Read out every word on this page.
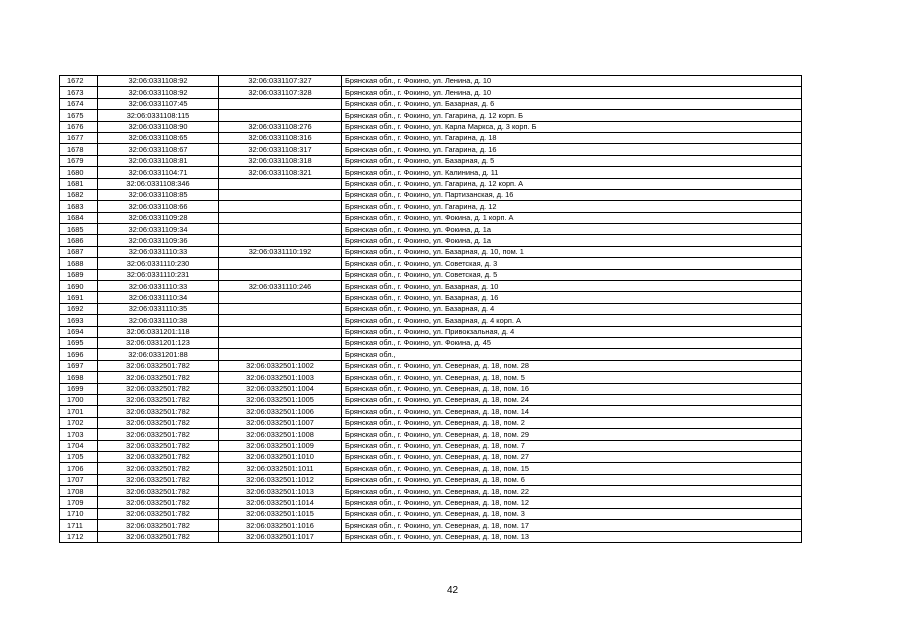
1672	32:06:0331108:92	32:06:0331107:327	Брянская обл., г. Фокино, ул. Ленина, д. 10
1673	32:06:0331108:92	32:06:0331107:328	Брянская обл., г. Фокино, ул. Ленина, д. 10
1674	32:06:0331107:45		Брянская обл., г. Фокино, ул. Базарная, д. 6
1675	32:06:0331108:115		Брянская обл., г. Фокино, ул. Гагарина, д. 12 корп. Б
1676	32:06:0331108:90	32:06:0331108:276	Брянская обл., г. Фокино, ул. Карла Маркса, д. 3 корп. Б
1677	32:06:0331108:65	32:06:0331108:316	Брянская обл., г. Фокино, ул. Гагарина, д. 18
1678	32:06:0331108:67	32:06:0331108:317	Брянская обл., г. Фокино, ул. Гагарина, д. 16
1679	32:06:0331108:81	32:06:0331108:318	Брянская обл., г. Фокино, ул. Базарная, д. 5
1680	32:06:0331104:71	32:06:0331108:321	Брянская обл., г. Фокино, ул. Калинина, д. 11
1681	32:06:0331108:346		Брянская обл., г. Фокино, ул. Гагарина, д. 12 корп. А
1682	32:06:0331108:85		Брянская обл., г. Фокино, ул. Партизанская, д. 16
1683	32:06:0331108:66		Брянская обл., г. Фокино, ул. Гагарина, д. 12
1684	32:06:0331109:28		Брянская обл., г. Фокино, ул. Фокина, д. 1 корп. А
1685	32:06:0331109:34		Брянская обл., г. Фокино, ул. Фокина, д. 1а
1686	32:06:0331109:36		Брянская обл., г. Фокино, ул. Фокина, д. 1а
1687	32:06:0331110:33	32:06:0331110:192	Брянская обл., г. Фокино, ул. Базарная, д. 10, пом. 1
1688	32:06:0331110:230		Брянская обл., г. Фокино, ул. Советская, д. 3
1689	32:06:0331110:231		Брянская обл., г. Фокино, ул. Советская, д. 5
1690	32:06:0331110:33	32:06:0331110:246	Брянская обл., г. Фокино, ул. Базарная, д. 10
1691	32:06:0331110:34		Брянская обл., г. Фокино, ул. Базарная, д. 16
1692	32:06:0331110:35		Брянская обл., г. Фокино, ул. Базарная, д. 4
1693	32:06:0331110:38		Брянская обл., г. Фокино, ул. Базарная, д. 4 корп. А
1694	32:06:0331201:118		Брянская обл., г. Фокино, ул. Привокзальная, д. 4
1695	32:06:0331201:123		Брянская обл., г. Фокино, ул. Фокина, д. 45
1696	32:06:0331201:88		Брянская обл.,
1697	32:06:0332501:782	32:06:0332501:1002	Брянская обл., г. Фокино, ул. Северная, д. 18, пом. 28
1698	32:06:0332501:782	32:06:0332501:1003	Брянская обл., г. Фокино, ул. Северная, д. 18, пом. 5
1699	32:06:0332501:782	32:06:0332501:1004	Брянская обл., г. Фокино, ул. Северная, д. 18, пом. 16
1700	32:06:0332501:782	32:06:0332501:1005	Брянская обл., г. Фокино, ул. Северная, д. 18, пом. 24
1701	32:06:0332501:782	32:06:0332501:1006	Брянская обл., г. Фокино, ул. Северная, д. 18, пом. 14
1702	32:06:0332501:782	32:06:0332501:1007	Брянская обл., г. Фокино, ул. Северная, д. 18, пом. 2
1703	32:06:0332501:782	32:06:0332501:1008	Брянская обл., г. Фокино, ул. Северная, д. 18, пом. 29
1704	32:06:0332501:782	32:06:0332501:1009	Брянская обл., г. Фокино, ул. Северная, д. 18, пом. 7
1705	32:06:0332501:782	32:06:0332501:1010	Брянская обл., г. Фокино, ул. Северная, д. 18, пом. 27
1706	32:06:0332501:782	32:06:0332501:1011	Брянская обл., г. Фокино, ул. Северная, д. 18, пом. 15
1707	32:06:0332501:782	32:06:0332501:1012	Брянская обл., г. Фокино, ул. Северная, д. 18, пом. 6
1708	32:06:0332501:782	32:06:0332501:1013	Брянская обл., г. Фокино, ул. Северная, д. 18, пом. 22
1709	32:06:0332501:782	32:06:0332501:1014	Брянская обл., г. Фокино, ул. Северная, д. 18, пом. 12
1710	32:06:0332501:782	32:06:0332501:1015	Брянская обл., г. Фокино, ул. Северная, д. 18, пом. 3
1711	32:06:0332501:782	32:06:0332501:1016	Брянская обл., г. Фокино, ул. Северная, д. 18, пом. 17
1712	32:06:0332501:782	32:06:0332501:1017	Брянская обл., г. Фокино, ул. Северная, д. 18, пом. 13
42
